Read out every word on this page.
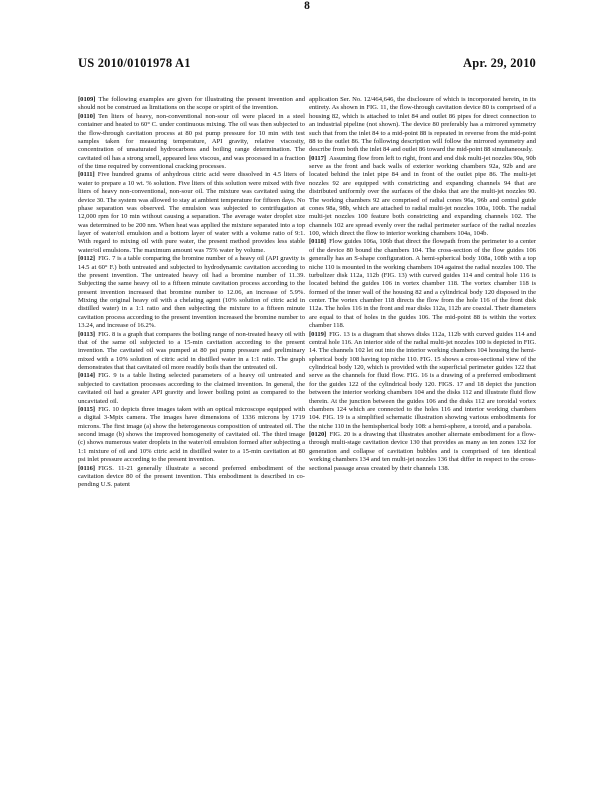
US 2010/0101978 A1	Apr. 29, 2010
8

[0109] The following examples are given for illustrating the present invention and should not be construed as limitations on the scope or spirit of the invention.

[0110] Ten liters of heavy, non-conventional non-sour oil were placed in a steel container and heated to 60° C. under continuous mixing. The oil was then subjected to the flow-through cavitation process at 80 psi pump pressure for 10 min with test samples taken for measuring temperature, API gravity, relative viscosity, concentration of unsaturated hydrocarbons and boiling range determination. The cavitated oil has a strong smell, appeared less viscous, and was processed in a fraction of the time required by conventional cracking processes.

[0111] Five hundred grams of anhydrous citric acid were dissolved in 4.5 liters of water to prepare a 10 wt. % solution. Five liters of this solution were mixed with five liters of heavy non-conventional, non-sour oil. The mixture was cavitated using the device 30. The system was allowed to stay at ambient temperature for fifteen days. No phase separation was observed. The emulsion was subjected to centrifugation at 12,000 rpm for 10 min without causing a separation. The average water droplet size was determined to be 200 nm. When heat was applied the mixture separated into a top layer of water/oil emulsion and a bottom layer of water with a volume ratio of 9:1. With regard to mixing oil with pure water, the present method provides less stable water/oil emulsions. The maximum amount was 75% water by volume.

[0112] FIG. 7 is a table comparing the bromine number of a heavy oil (API gravity is 14.5 at 60° F.) both untreated and subjected to hydrodynamic cavitation according to the present invention. The untreated heavy oil had a bromine number of 11.39. Subjecting the same heavy oil to a fifteen minute cavitation process according to the present invention increased that bromine number to 12.06, an increase of 5.9%. Mixing the original heavy oil with a chelating agent (10% solution of citric acid in distilled water) in a 1:1 ratio and then subjecting the mixture to a fifteen minute cavitation process according to the present invention increased the bromine number to 13.24, and increase of 16.2%.

[0113] FIG. 8 is a graph that compares the boiling range of non-treated heavy oil with that of the same oil subjected to a 15-min cavitation according to the present invention. The cavitated oil was pumped at 80 psi pump pressure and preliminary mixed with a 10% solution of citric acid in distilled water in a 1:1 ratio. The graph demonstrates that that cavitated oil more readily boils than the untreated oil.

[0114] FIG. 9 is a table listing selected parameters of a heavy oil untreated and subjected to cavitation processes according to the claimed invention. In general, the cavitated oil had a greater API gravity and lower boiling point as compared to the uncavitated oil.

[0115] FIG. 10 depicts three images taken with an optical microscope equipped with a digital 3-Mpix camera. The images have dimensions of 1336 microns by 1719 microns. The first image (a) show the heterogeneous composition of untreated oil. The second image (b) shows the improved homogeneity of cavitated oil. The third image (c) shows numerous water droplets in the water/oil emulsion formed after subjecting a 1:1 mixture of oil and 10% citric acid in distilled water to a 15-min cavitation at 80 psi inlet pressure according to the present invention.

[0116] FIGS. 11-21 generally illustrate a second preferred embodiment of the cavitation device 80 of the present invention. This embodiment is described in co-pending U.S. patent

application Ser. No. 12/464,646, the disclosure of which is incorporated herein, in its entirety. As shown in FIG. 11, the flow-through cavitation device 80 is comprised of a housing 82, which is attached to inlet 84 and outlet 86 pipes for direct connection to an industrial pipeline (not shown). The device 80 preferably has a mirrored symmetry such that from the inlet 84 to a mid-point 88 is repeated in reverse from the mid-point 88 to the outlet 86. The following description will follow the mirrored symmetry and describe from both the inlet 84 and outlet 86 toward the mid-point 88 simultaneously.

[0117] Assuming flow from left to right, front and end disk multi-jet nozzles 90a, 90b serve as the front and back walls of exterior working chambers 92a, 92b and are located behind the inlet pipe 84 and in front of the outlet pipe 86. The multi-jet nozzles 92 are equipped with constricting and expanding channels 94 that are distributed uniformly over the surfaces of the disks that are the multi-jet nozzles 90. The working chambers 92 are comprised of radial cones 96a, 96b and central guide cones 98a, 98b, which are attached to radial multi-jet nozzles 100a, 100b. The radial multi-jet nozzles 100 feature both constricting and expanding channels 102. The channels 102 are spread evenly over the radial perimeter surface of the radial nozzles 100, which direct the flow to interior working chambers 104a, 104b.

[0118] Flow guides 106a, 106b that direct the flowpath from the perimeter to a center of the device 80 bound the chambers 104. The cross-section of the flow guides 106 generally has an S-shape configuration. A hemi-spherical body 108a, 108b with a top niche 110 is mounted in the working chambers 104 against the radial nozzles 100. The turbulizer disk 112a, 112b (FIG. 13) with curved guides 114 and central hole 116 is located behind the guides 106 in vortex chamber 118. The vortex chamber 118 is formed of the inner wall of the housing 82 and a cylindrical body 120 disposed in the center. The vortex chamber 118 directs the flow from the hole 116 of the front disk 112a. The holes 116 in the front and rear disks 112a, 112b are coaxial. Their diameters are equal to that of holes in the guides 106. The mid-point 88 is within the vortex chamber 118.

[0119] FIG. 13 is a diagram that shows disks 112a, 112b with curved guides 114 and central hole 116. An interior side of the radial multi-jet nozzles 100 is depicted in FIG. 14. The channels 102 let out into the interior working chambers 104 housing the hemi-spherical body 108 having top niche 110. FIG. 15 shows a cross-sectional view of the cylindrical body 120, which is provided with the superficial perimeter guides 122 that serve as the channels for fluid flow. FIG. 16 is a drawing of a preferred embodiment for the guides 122 of the cylindrical body 120. FIGS. 17 and 18 depict the junction between the interior working chambers 104 and the disks 112 and illustrate fluid flow therein. At the junction between the guides 106 and the disks 112 are toroidal vortex chambers 124 which are connected to the holes 116 and interior working chambers 104. FIG. 19 is a simplified schematic illustration showing various embodiments for the niche 110 in the hemispherical body 108: a hemi-sphere, a toroid, and a parabola.

[0120] FIG. 20 is a drawing that illustrates another alternate embodiment for a flow-through multi-stage cavitation device 130 that provides as many as ten zones 132 for generation and collapse of cavitation bubbles and is comprised of ten identical working chambers 134 and ten multi-jet nozzles 136 that differ in respect to the cross-sectional passage areas created by their channels 138.
